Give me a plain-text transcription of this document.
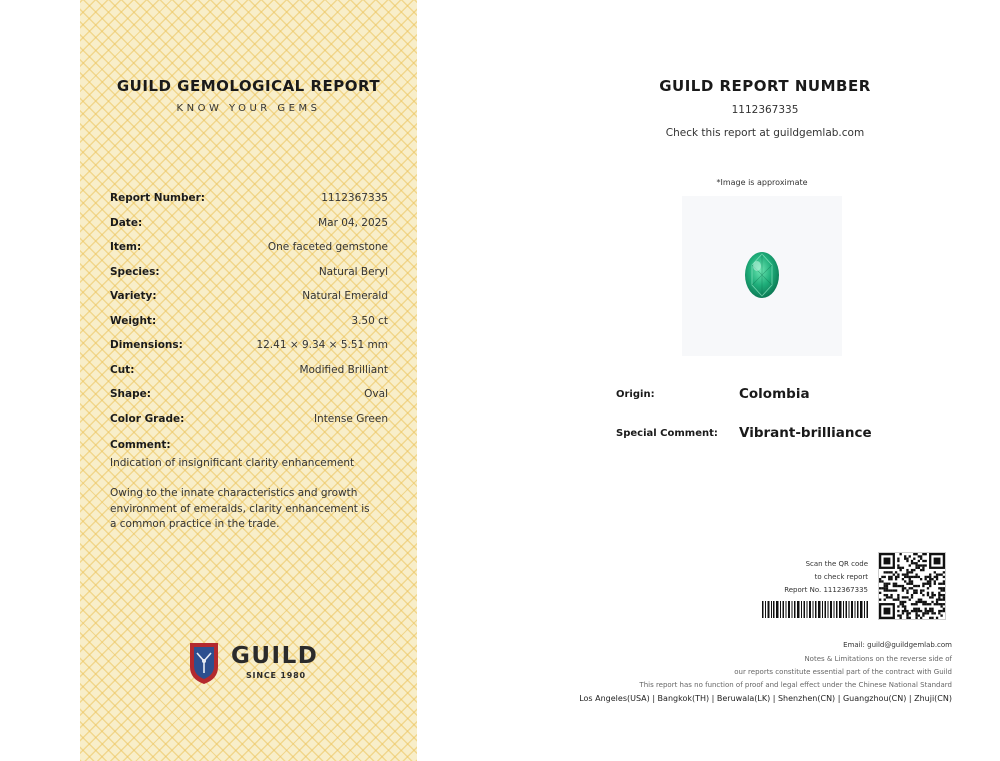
GUILD GEMOLOGICAL REPORT
KNOW YOUR GEMS
Report Number:	1112367335
Date:	Mar 04, 2025
Item:	One faceted gemstone
Species:	Natural Beryl
Variety:	Natural Emerald
Weight:	3.50 ct
Dimensions:	12.41 × 9.34 × 5.51 mm
Cut:	Modified Brilliant
Shape:	Oval
Color Grade:	Intense Green
Comment:
Indication of insignificant clarity enhancement
Owing to the innate characteristics and growth environment of emeralds, clarity enhancement is a common practice in the trade.
GUILD
SINCE 1980
GUILD REPORT NUMBER
1112367335
Check this report at guildgemlab.com
*Image is approximate
Origin:	Colombia
Special Comment: Vibrant-brilliance
Scan the QR code
to check report
Report No. 1112367335
Email: guild@guildgemlab.com
Notes & Limitations on the reverse side of
our reports constitute essential part of the contract with Guild
This report has no function of proof and legal effect under the Chinese National Standard
Los Angeles(USA) | Bangkok(TH) | Beruwala(LK) | Shenzhen(CN) | Guangzhou(CN) | Zhuji(CN)
